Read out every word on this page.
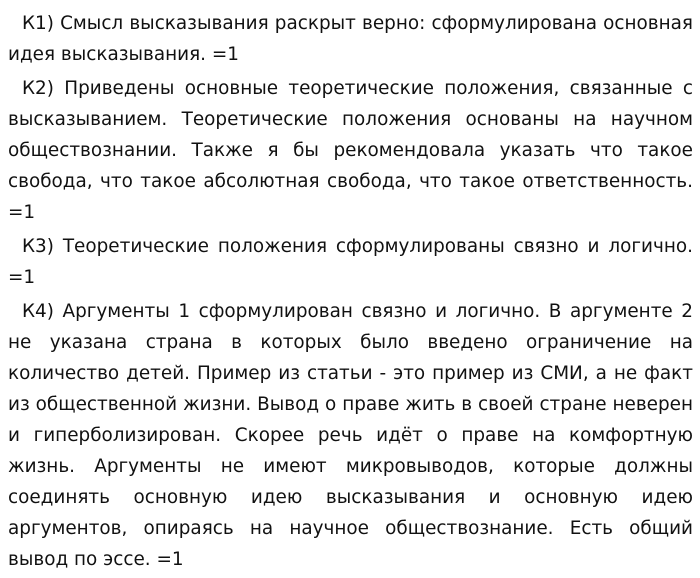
К1) Смысл высказывания раскрыт верно: сформулирована основная идея высказывания. =1

К2) Приведены основные теоретические положения, связанные с высказыванием. Теоретические положения основаны на научном обществознании. Также я бы рекомендовала указать что такое свобода, что такое абсолютная свобода, что такое ответственность. =1

К3) Теоретические положения сформулированы связно и логично. =1

К4) Аргументы 1 сформулирован связно и логично. В аргументе 2 не указана страна в которых было введено ограничение на количество детей. Пример из статьи - это пример из СМИ, а не факт из общественной жизни. Вывод о праве жить в своей стране неверен и гиперболизирован. Скорее речь идёт о праве на комфортную жизнь. Аргументы не имеют микровыводов, которые должны соединять основную идею высказывания и основную идею аргументов, опираясь на научное обществознание. Есть общий вывод по эссе. =1
